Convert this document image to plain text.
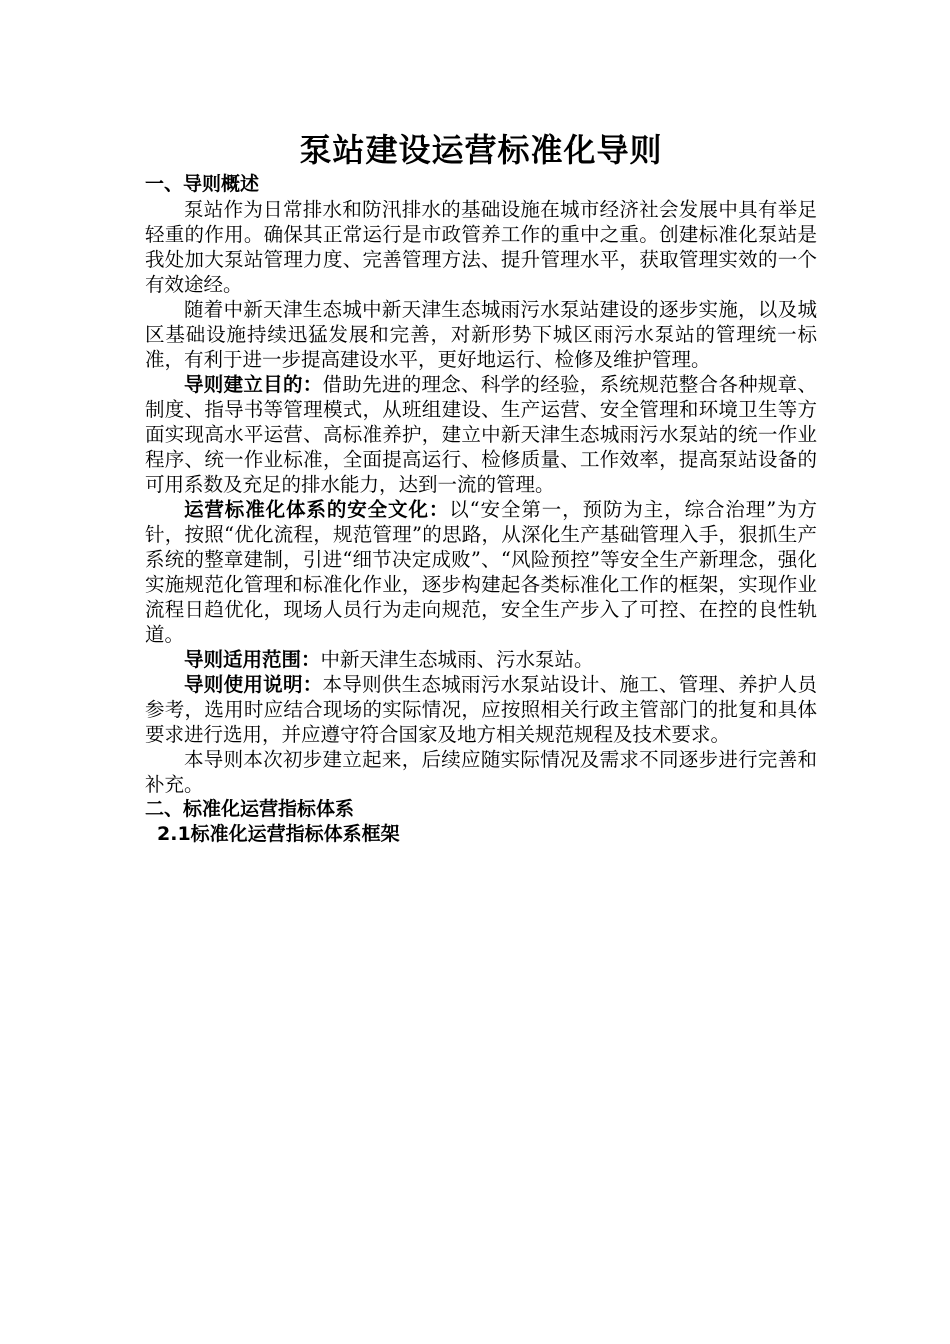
泵站建设运营标准化导则
一、导则概述

泵站作为日常排水和防汛排水的基础设施在城市经济社会发展中具有举足轻重的作用。确保其正常运行是市政管养工作的重中之重。创建标准化泵站是我处加大泵站管理力度、完善管理方法、提升管理水平，获取管理实效的一个有效途经。

随着中新天津生态城中新天津生态城雨污水泵站建设的逐步实施，以及城区基础设施持续迅猛发展和完善，对新形势下城区雨污水泵站的管理统一标准，有利于进一步提高建设水平，更好地运行、检修及维护管理。

导则建立目的：借助先进的理念、科学的经验，系统规范整合各种规章、制度、指导书等管理模式，从班组建设、生产运营、安全管理和环境卫生等方面实现高水平运营、高标准养护，建立中新天津生态城雨污水泵站的统一作业程序、统一作业标准，全面提高运行、检修质量、工作效率，提高泵站设备的可用系数及充足的排水能力，达到一流的管理。

运营标准化体系的安全文化：以“安全第一，预防为主，综合治理”为方针，按照“优化流程，规范管理”的思路，从深化生产基础管理入手，狠抓生产系统的整章建制，引进“细节决定成败”、“风险预控”等安全生产新理念，强化实施规范化管理和标准化作业，逐步构建起各类标准化工作的框架，实现作业流程日趋优化，现场人员行为走向规范，安全生产步入了可控、在控的良性轨道。

导则适用范围：中新天津生态城雨、污水泵站。

导则使用说明：本导则供生态城雨污水泵站设计、施工、管理、养护人员参考，选用时应结合现场的实际情况，应按照相关行政主管部门的批复和具体要求进行选用，并应遵守符合国家及地方相关规范规程及技术要求。

本导则本次初步建立起来，后续应随实际情况及需求不同逐步进行完善和补充。

二、标准化运营指标体系
2.1标准化运营指标体系框架
